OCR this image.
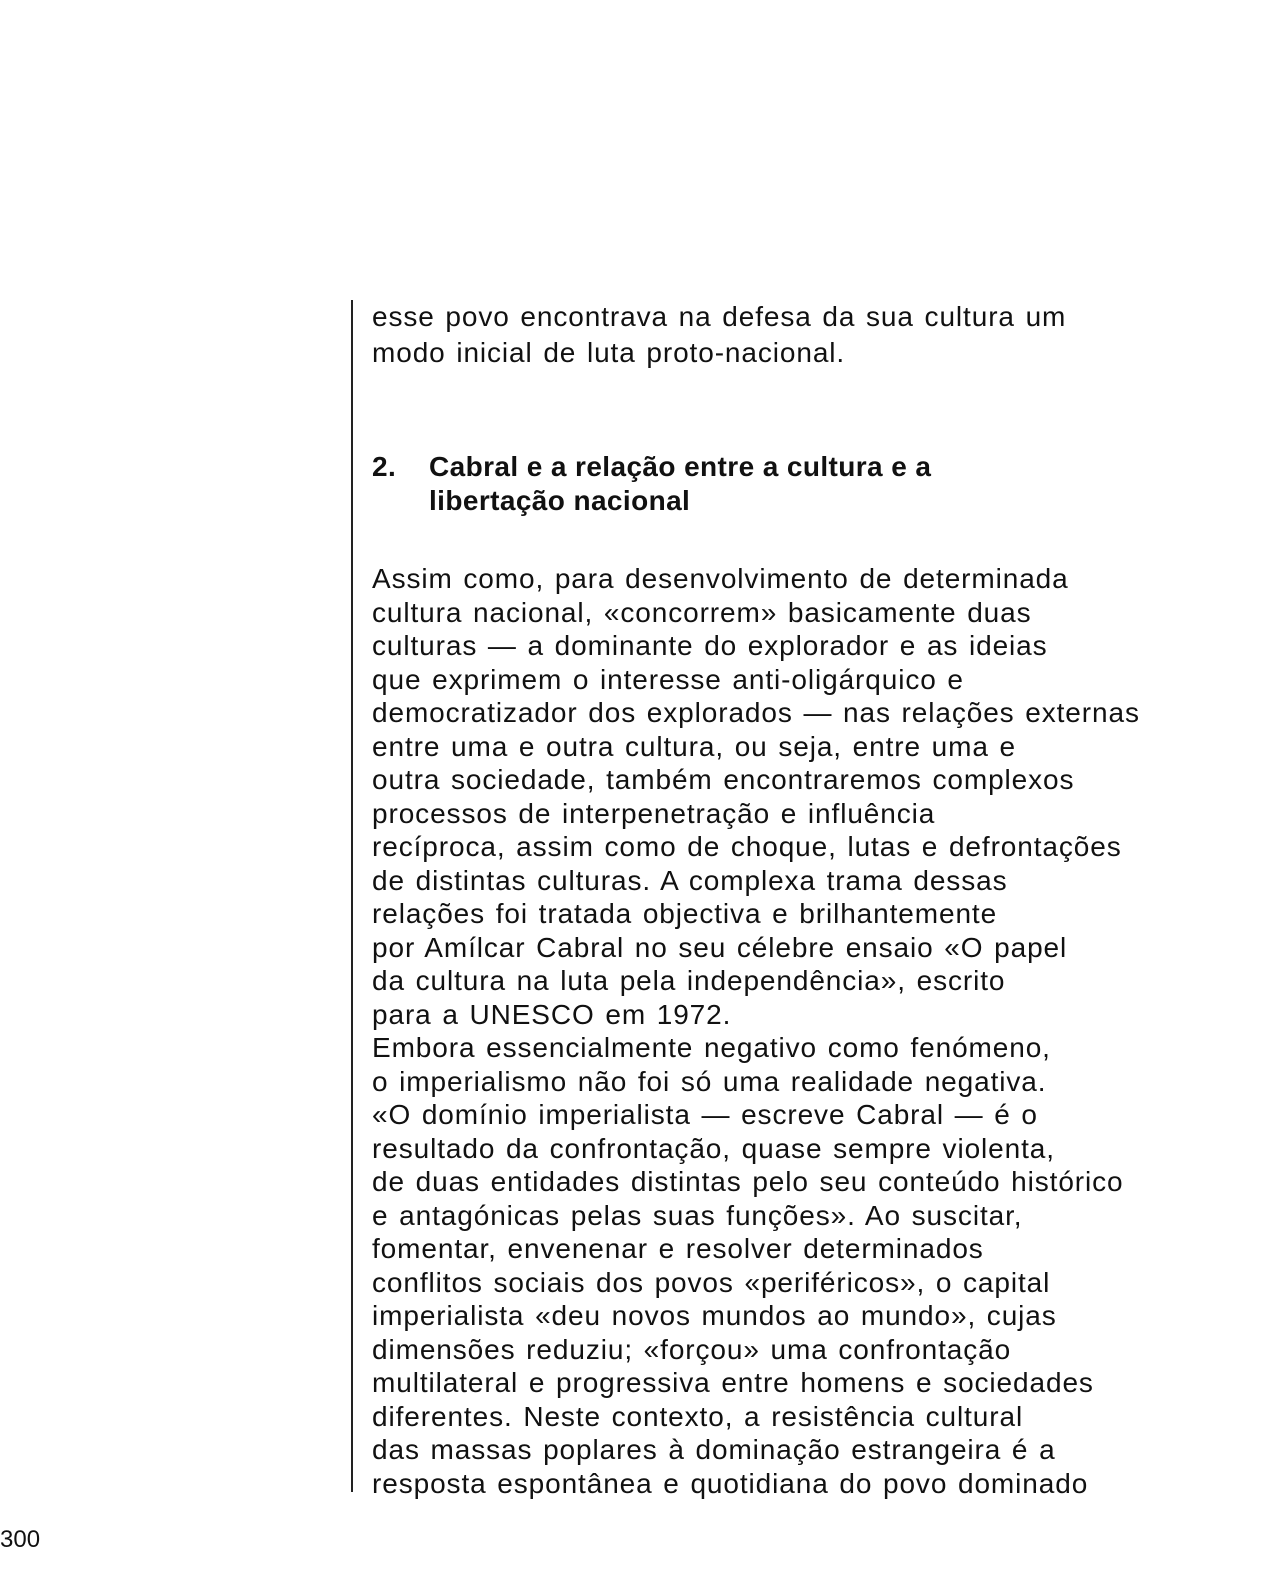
esse povo encontrava na defesa da sua cultura um
modo inicial de luta proto-nacional.
2. Cabral e a relação entre a cultura e a
libertação nacional
Assim como, para desenvolvimento de determinada
cultura nacional, «concorrem» basicamente duas
culturas — a dominante do explorador e as ideias
que exprimem o interesse anti-oligárquico e
democratizador dos explorados — nas relações externas
entre uma e outra cultura, ou seja, entre uma e
outra sociedade, também encontraremos complexos
processos de interpenetração e influência
recíproca, assim como de choque, lutas e defrontações
de distintas culturas. A complexa trama dessas
relações foi tratada objectiva e brilhantemente
por Amílcar Cabral no seu célebre ensaio «O papel
da cultura na luta pela independência», escrito
para a UNESCO em 1972.
Embora essencialmente negativo como fenómeno,
o imperialismo não foi só uma realidade negativa.
«O domínio imperialista — escreve Cabral — é o
resultado da confrontação, quase sempre violenta,
de duas entidades distintas pelo seu conteúdo histórico
e antagónicas pelas suas funções». Ao suscitar,
fomentar, envenenar e resolver determinados
conflitos sociais dos povos «periféricos», o capital
imperialista «deu novos mundos ao mundo», cujas
dimensões reduziu; «forçou» uma confrontação
multilateral e progressiva entre homens e sociedades
diferentes. Neste contexto, a resistência cultural
das massas poplares à dominação estrangeira é a
resposta espontânea e quotidiana do povo dominado
300
